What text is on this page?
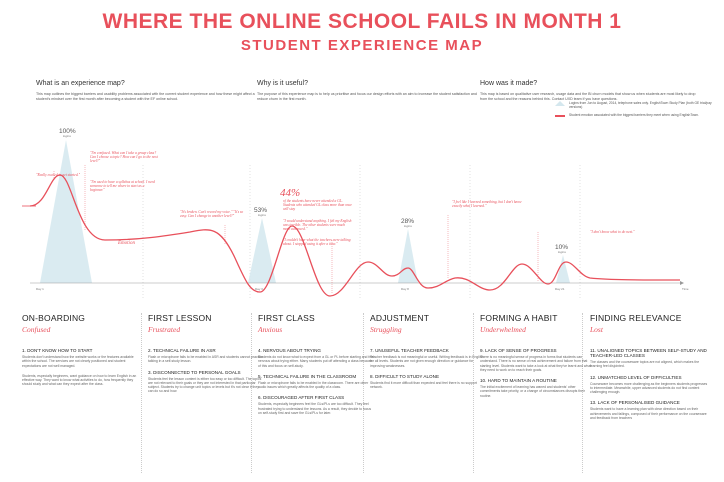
WHERE THE ONLINE SCHOOL FAILS IN MONTH 1
STUDENT EXPERIENCE MAP
What is an experience map?

This map outlines the biggest barriers and usability problems associated with the current student experience and how these might affect a student's mindset over the first month after becoming a student with the EF online school.

Why is it useful?

The purpose of this experience map is to help us prioritise and focus our design efforts with an aim to increase the student satisfaction and reduce churn in the first month.

How was it made?

This map is based on qualitative user research, usage data and the BI churn models that show us when students are most likely to drop from the school and the reasons behind this. Contact UXD team if you have questions.

Logins from Jun to August, 2014, telephone sales only. EnglishTown Study Plan (both GE trial/pay versions)
Student emotion associated with the biggest barriers they meet when using EnglishTown.
100%
logins
53%
logins
28%
logins
10%
logins
Day 1	Day 3	Day 8	Day 21	Time
Emotion
"Really excited to get started."
"I'm confused. What can I take a group class? Can I choose a topic? How can I go to the next level?"
"I'm used to have a syllabus at school. I need someone to tell me where to start as a beginner."
"It's broken. Can't record my voice." "It's so easy. Can I change to another level?"
44%
of the students have never attended a GL. Students who attended GL class more than once will stay
"I would understand anything. I felt my English was terrible. The other students were much more advanced."
"I couldn't hear what the teachers were talking about. I stopped using it after a time."
"I feel like I learned something, but I don't know exactly what I learned."
"I don't know what to do next."

ON-BOARDING

Confused

1. DON'T KNOW HOW TO START

Students don't understand how the website works or the features available within the school. The services are not clearly positioned and student expectations are not well managed.

Students, especially beginners, want guidance on how to learn English in an effective way. They want to know what activities to do, how frequently they should study and what can they expect after the class.

FIRST LESSON

Frustrated

2. TECHNICAL FAILURE IN ASR

Flash or microphone fails to be enabled in ASR and students cannot practice talking in a self-study lesson.

3. DISCONNECTED TO PERSONAL GOALS

Students feel the lesson content is either too easy or too difficult. The topics are not relevant to their goals or they are not interested in that particular subject. Students try to change unit topics or levels but it's not clear if they can do so and how.

FIRST CLASS

Anxious

4. NERVOUS ABOUT TRYING

Students do not know what to expect from a GL or PL before starting and feel nervous about trying either. Many students put off attending a class because of this and focus on self-study.

5. TECHNICAL FAILURE IN THE CLASSROOM

Flash or microphone fails to be enabled in the classroom. There are other audio issues which greatly affects the quality of a class.

6. DISCOURAGED AFTER FIRST CLASS

Students, especially beginners feel the GLs/PLs are too difficult. They feel frustrated trying to understand the lessons. As a result, they decide to focus on self-study first and save the GLs/PLs for later.

ADJUSTMENT

Struggling

7. UNUSEFUL TEACHER FEEDBACK

Teacher feedback is not meaningful or useful. Writing feedback is in English for all levels. Students are not given enough direction or guidance for improving weaknesses.

8. DIFFICULT TO STUDY ALONE

Students find it more difficult than expected and feel there is no support network.

FORMING A HABIT

Underwhelmed

9. LACK OF SENSE OF PROGRESS

There is no meaningful sense of progress in forms that students can understand. There is no sense of real achievement and failure from that starting level. Students want to take a look at what they've learnt and what they need to work on to reach their goals.

10. HARD TO MAINTAIN A ROUTINE

The initial excitement of learning has waned and students' other commitments take priority, or a change of circumstances disrupts their routine.

FINDING RELEVANCE

Lost

11. UNALIGNED TOPICS BETWEEN SELF-STUDY AND TEACHER-LED CLASSES

The classes and the courseware topics are not aligned, which makes the learning feel disjointed.

12. UNMATCHED LEVEL OF DIFFICULTIES

Courseware becomes more challenging as the beginners students progresses to intermediate. Meanwhile, upper advanced students do not find content challenging enough.

13. LACK OF PERSONALISED GUIDANCE

Students want to have a learning plan with clear direction based on their achievements and failings, composed of their performance on the courseware and feedback from teachers
